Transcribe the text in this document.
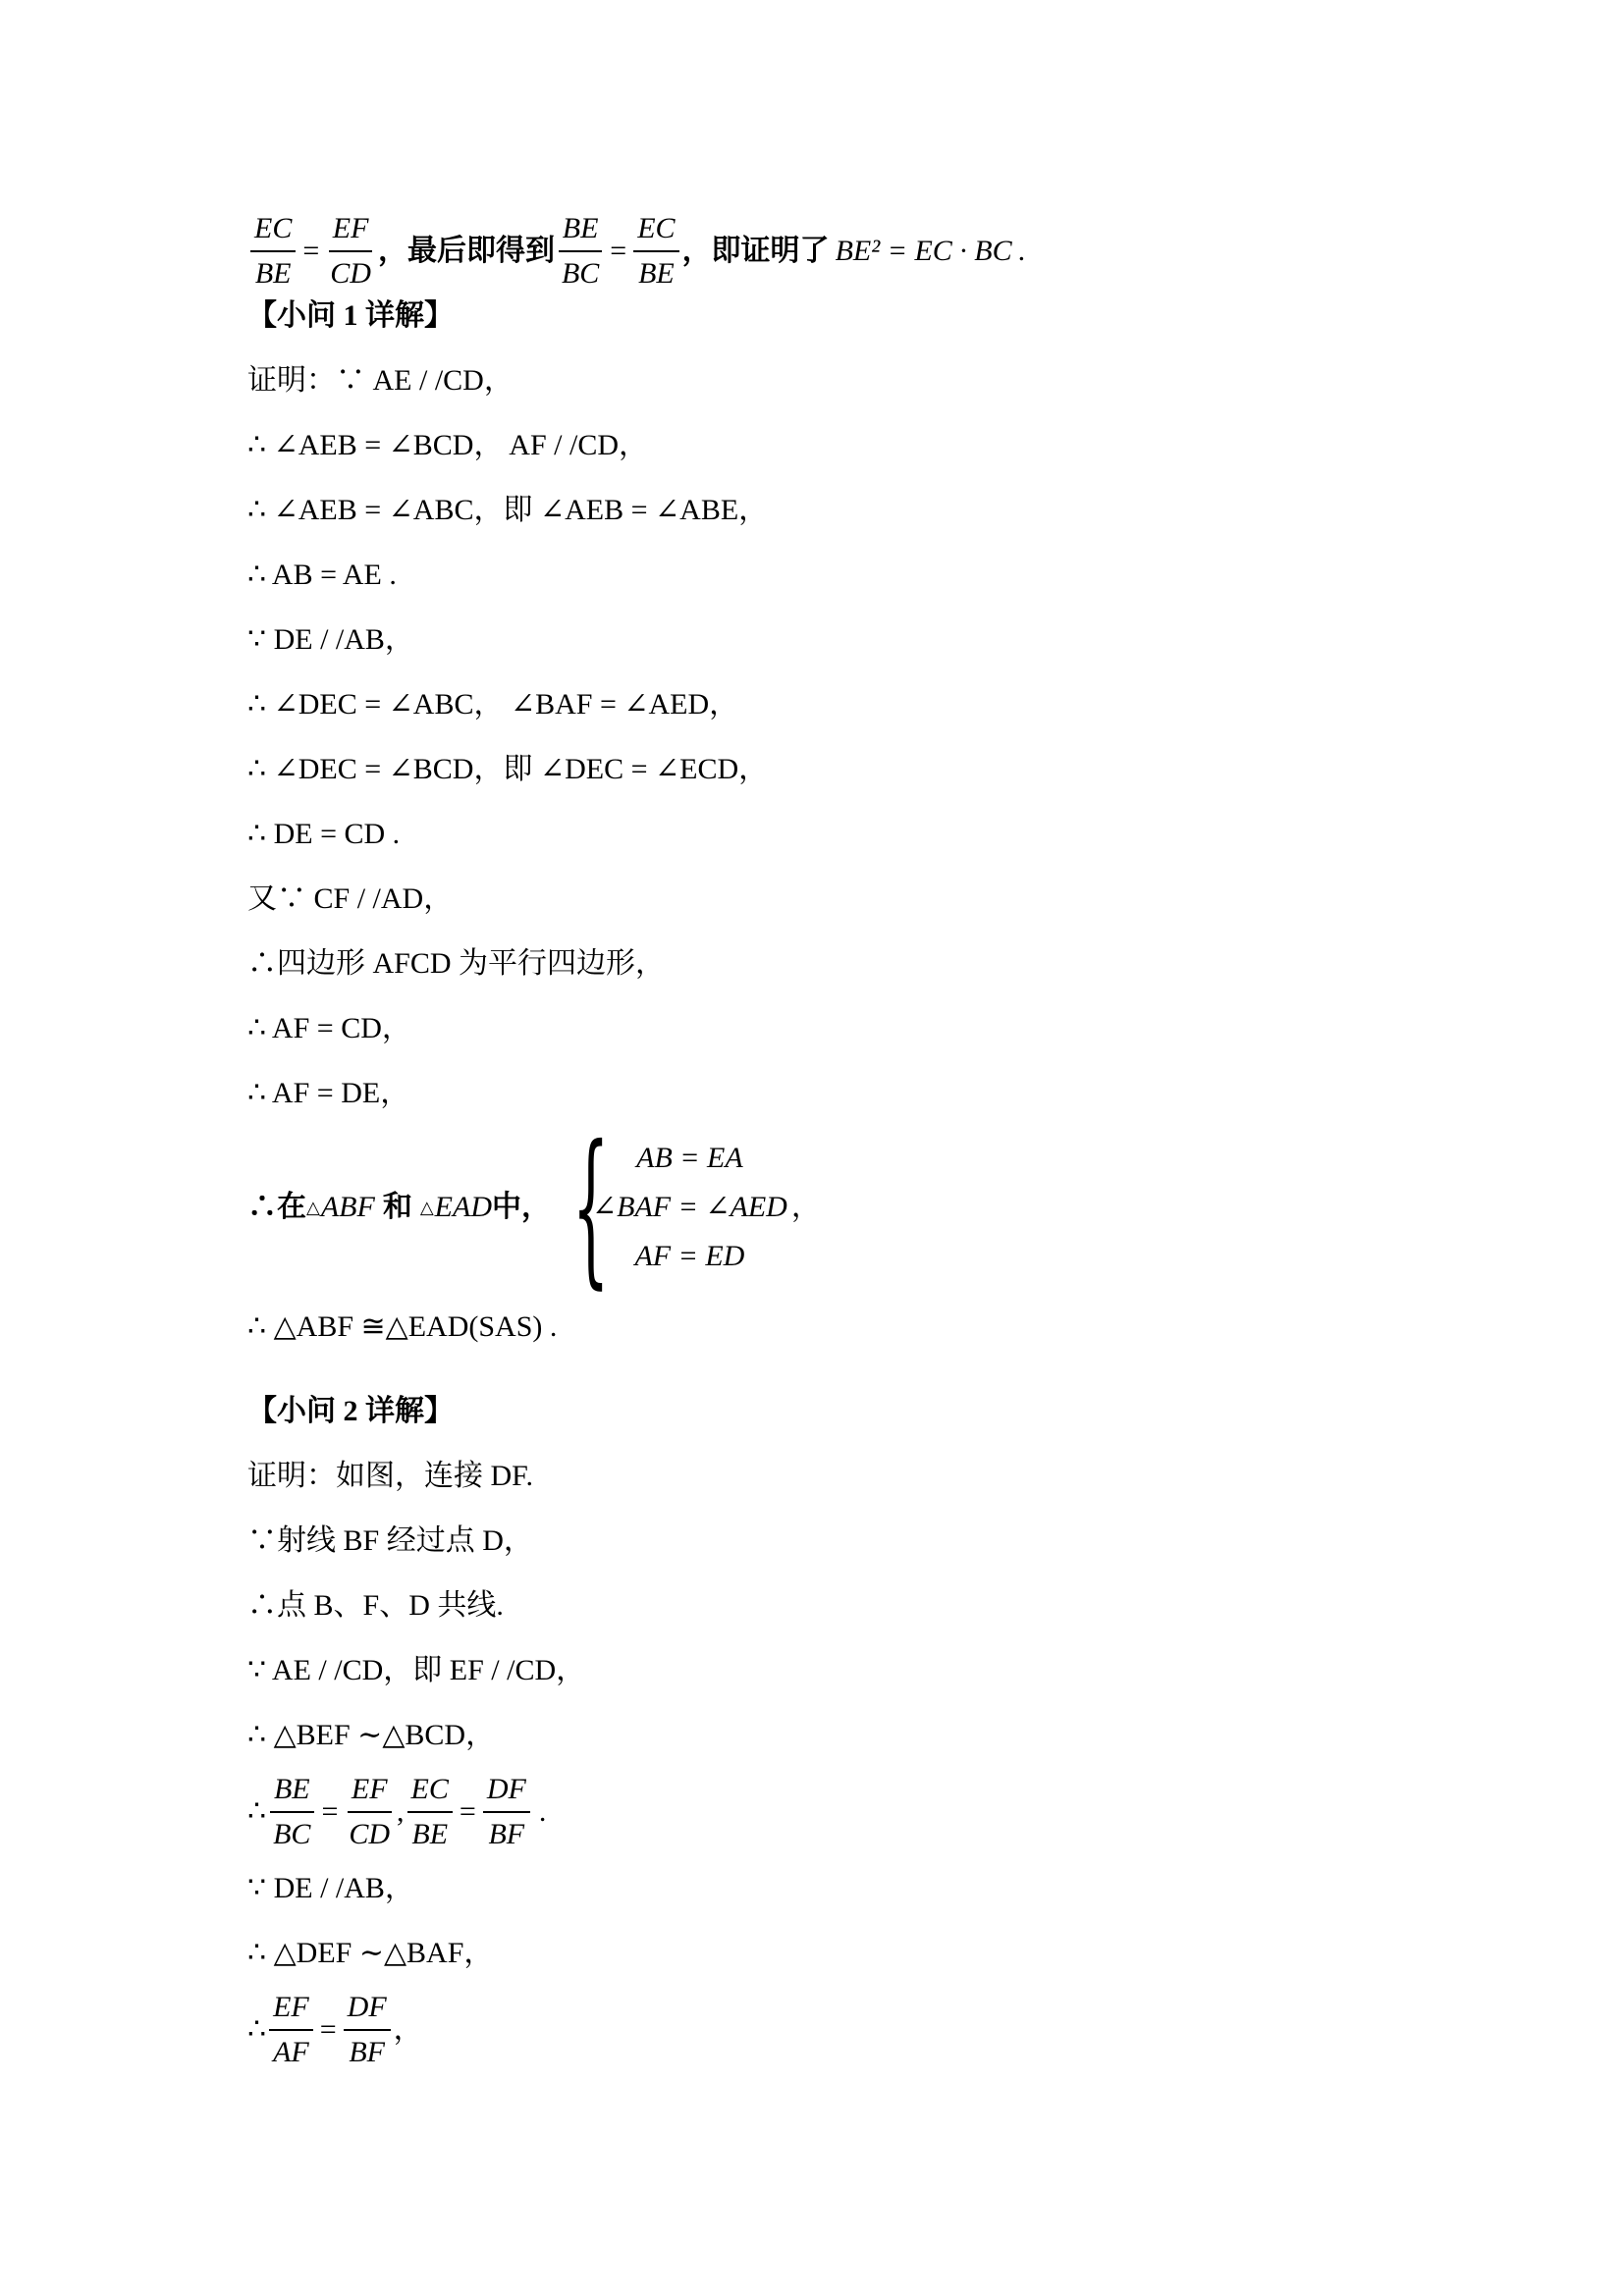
$\frac{EC}{BE} = \frac{EF}{CD}$ ，最后即得到 $\frac{BE}{BC} = \frac{EC}{BE}$ ，即证明了 BE² = EC · BC .
【小问 1 详解】
证明：∵ AE / /CD，
∴ ∠AEB = ∠BCD， AF / /CD，
∴ ∠AEB = ∠ABC，即 ∠AEB = ∠ABE，
∴ AB = AE .
∵ DE / /AB，
∴ ∠DEC = ∠ABC， ∠BAF = ∠AED，
∴ ∠DEC = ∠BCD，即 ∠DEC = ∠ECD，
∴ DE = CD .
又∵ CF / /AD，
∴四边形 AFCD 为平行四边形，
∴ AF = CD，
∴ AF = DE，
∴在 △ ABF 和 △ EAD 中， { AB = EA
∠BAF = ∠AED
AF = ED
，
∴ △ABF ≅△EAD(SAS) .
【小问 2 详解】
证明：如图，连接 DF.
∵射线 BF 经过点 D，
∴点 B、F、D 共线.
∵ AE / /CD，即 EF / /CD，
∴ △BEF ∼△BCD，
∴ $\frac{BE}{BC} = \frac{EF}{CD}$ , $\frac{EC}{BE} = \frac{DF}{BF}$ .
∵ DE / /AB，
∴ △DEF ∼△BAF，
∴ $\frac{EF}{AF} = \frac{DF}{BF}$ ，
